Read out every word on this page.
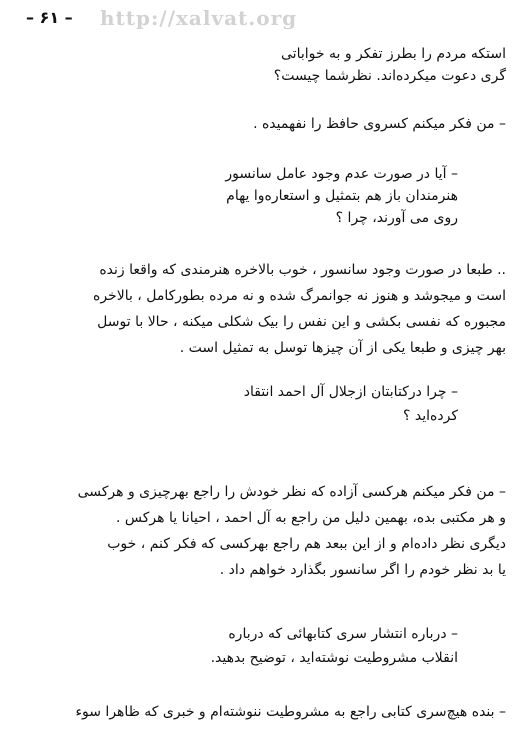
– ۶۱ – http://xalvat.org
استکه مردم را بطرز تفکر و به خواباتی
گری دعوت میکرده‌اند. نظرشما چیست؟
– من فکر میکنم کسروی حافظ را نفهمیده .
– آیا در صورت عدم وجود عامل سانسور
هنرمندان باز هم بتمثیل و استعاره‌وا یهام
روی می آورند، چرا ؟
.. طبعا در صورت وجود سانسور ، خوب بالاخره هنرمندی که واقعا زنده
است و میجوشد و هنوز نه جوانمرگ شده و نه مرده بطورکامل ، بالاخره
مجبوره که نفسی بکشی و این نفس را بیک شکلی میکنه ، حالا با توسل
بهر چیزی و طبعا یکی از آن چیزها توسل به تمثیل است .
– چرا درکتابتان ازجلال آل احمد انتقاد
کرده‌اید ؟
– من فکر میکنم هرکسی آزاده که نظر خودش را راجع بهرچیزی و هرکسی
و هر مکتبی بده، بهمین دلیل من راجع به آل احمد ، احیانا یا هرکس .
دیگری نظر داده‌ام و از این ببعد هم راجع بهرکسی که فکر کنم ، خوب
یا بد نظر خودم را اگر سانسور بگذارد خواهم داد .
– درباره انتشار سری کتابهائی که درباره
انقلاب مشروطیت نوشته‌اید ، توضیح بدهید.
– بنده هیچ‌سری کتابی راجع به مشروطیت ننوشته‌ام و خبری که ظاهرا سوء
